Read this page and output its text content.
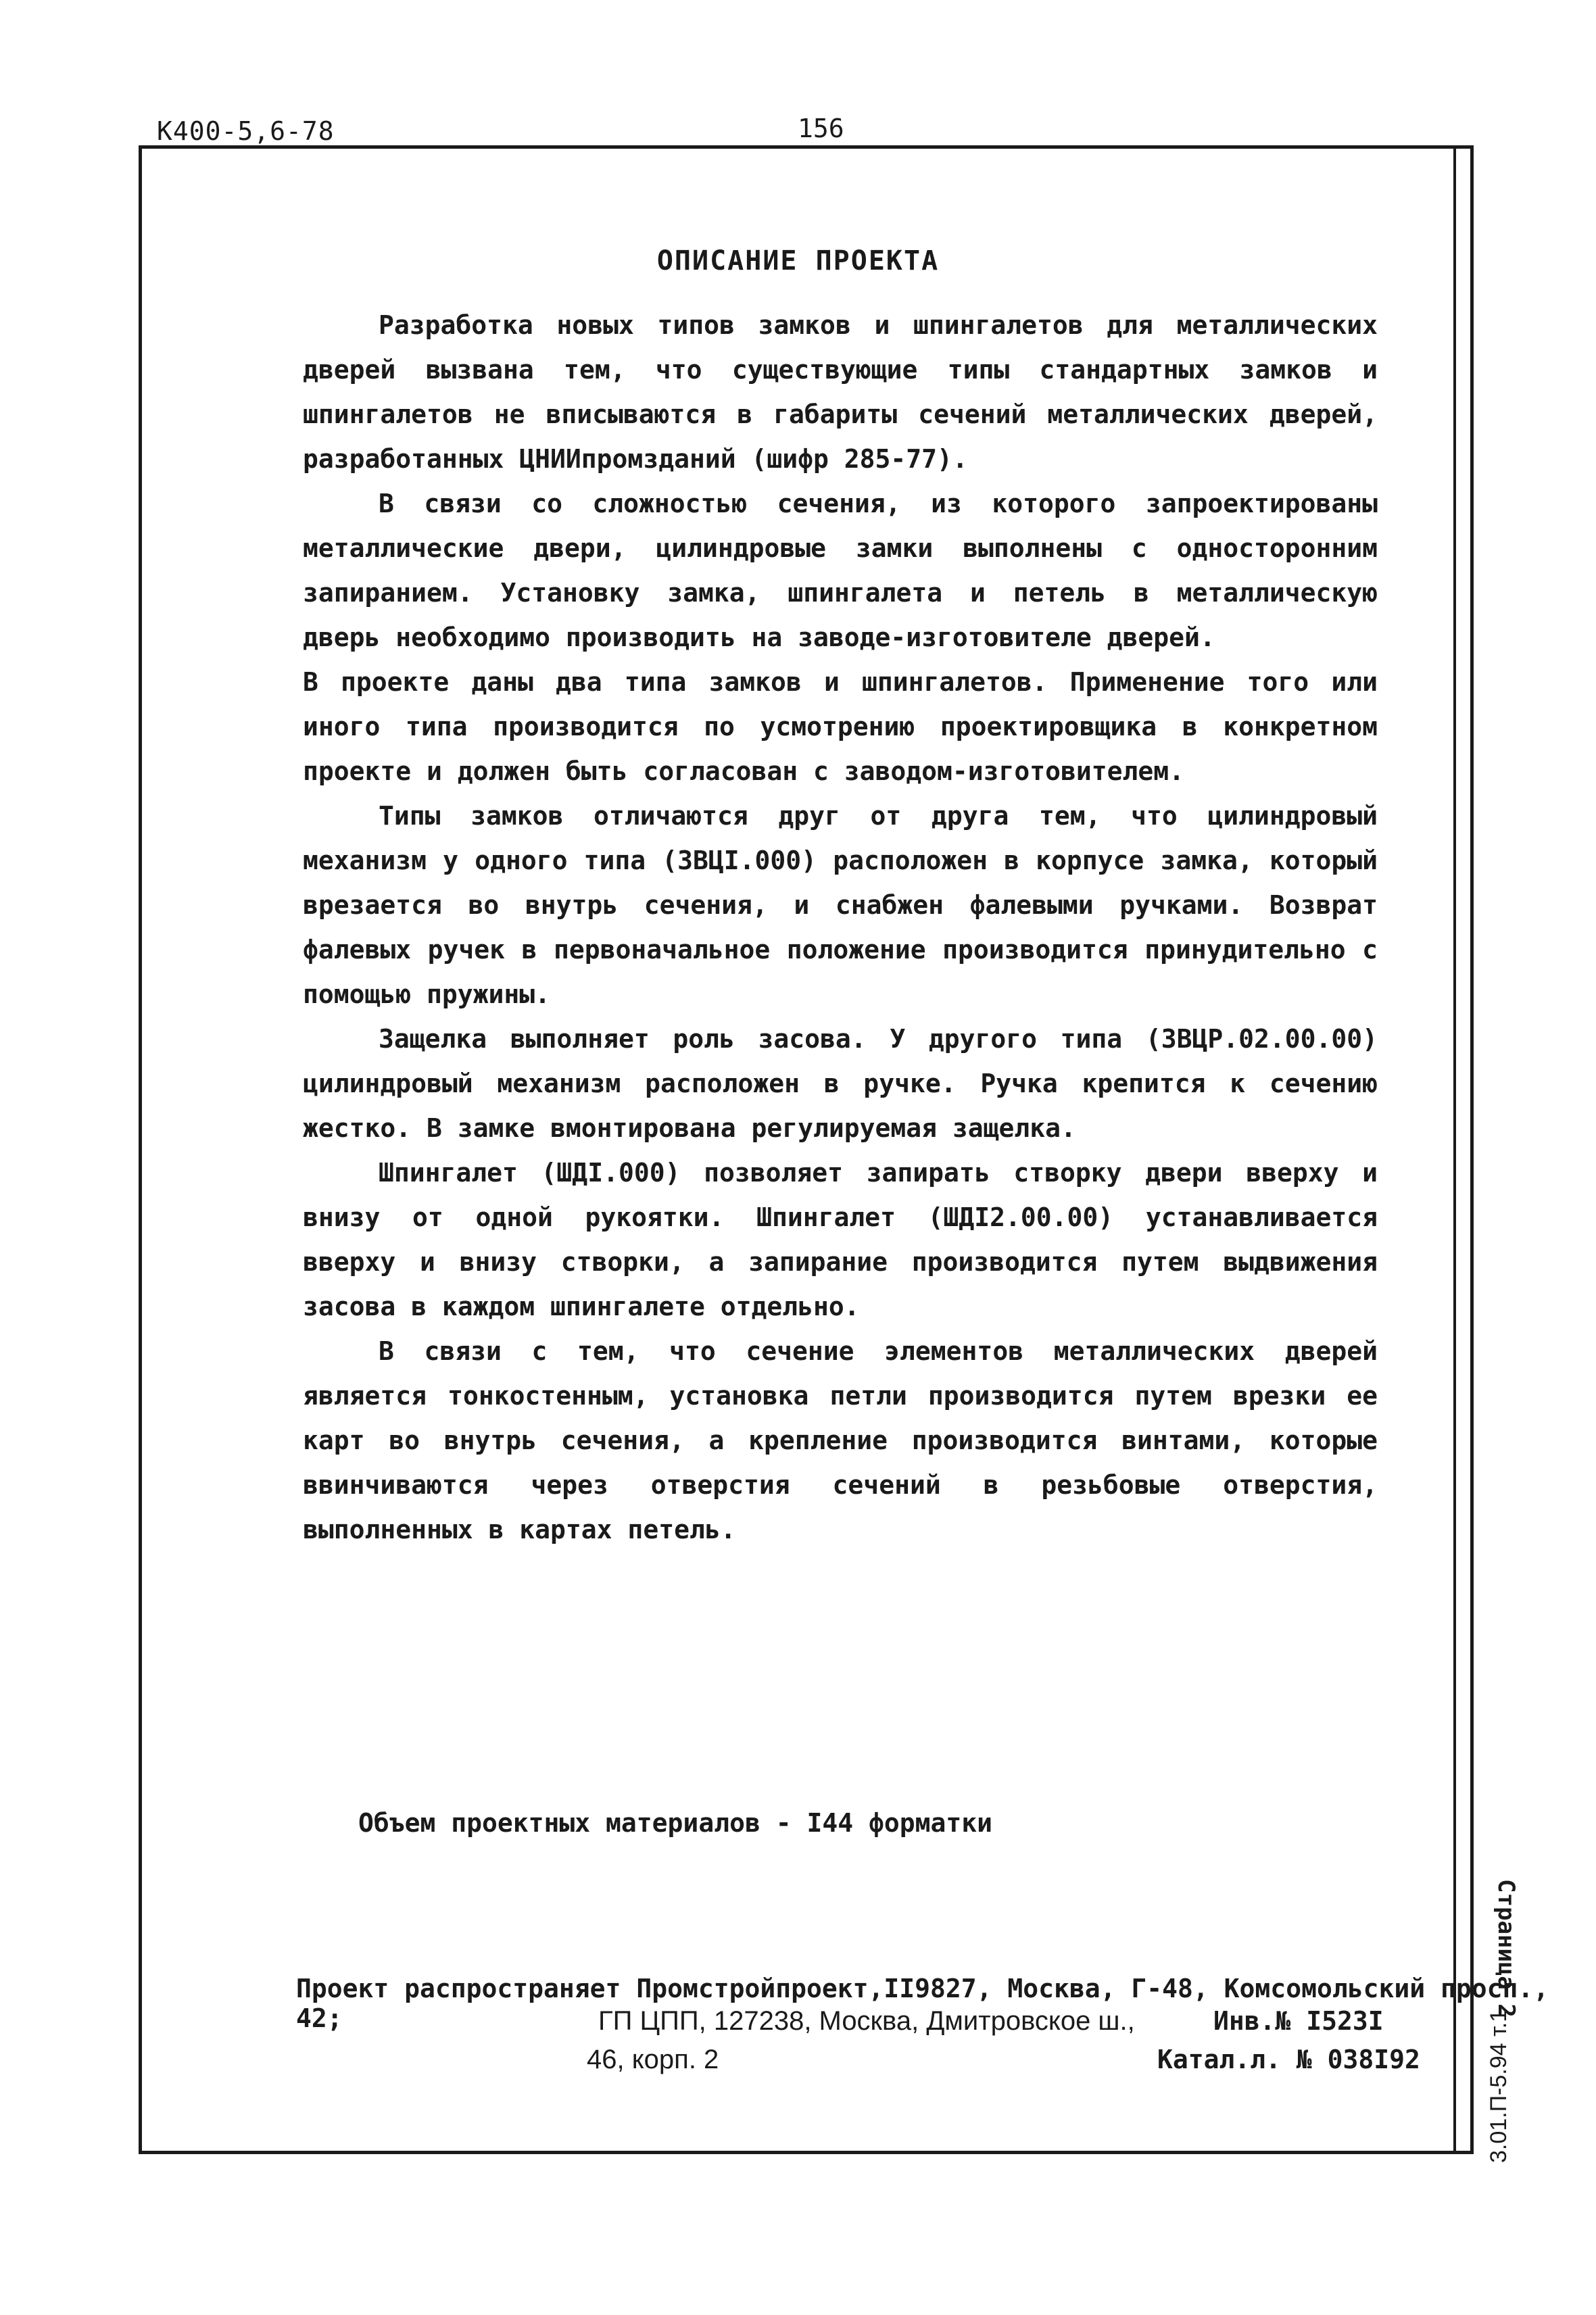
К400-5,6-78	156
ОПИСАНИЕ ПРОЕКТА

Разработка новых типов замков и шпингалетов для металлических дверей вызвана тем, что существующие типы стандартных замков и шпингалетов не вписываются в габариты сечений металлических дверей, разработанных ЦНИИпромзданий (шифр 285-77).

В связи со сложностью сечения, из которого запроектированы металлические двери, цилиндровые замки выполнены с односторонним запиранием. Установку замка, шпингалета и петель в металлическую дверь необходимо производить на заводе-изготовителе дверей.

В проекте даны два типа замков и шпингалетов. Применение того или иного типа производится по усмотрению проектировщика в конкретном проекте и должен быть согласован с заводом-изготовителем.

Типы замков отличаются друг от друга тем, что цилиндровый механизм у одного типа (ЗВЦI.000) расположен в корпусе замка, который врезается во внутрь сечения, и снабжен фалевыми ручками. Возврат фалевых ручек в первоначальное положение производится принудительно с помощью пружины.

Защелка выполняет роль засова. У другого типа (ЗВЦР.02.00.00) цилиндровый механизм расположен в ручке. Ручка крепится к сечению жестко. В замке вмонтирована регулируемая защелка.

Шпингалет (ШДI.000) позволяет запирать створку двери вверху и внизу от одной рукоятки. Шпингалет (ШДI2.00.00) устанавливается вверху и внизу створки, а запирание производится путем выдвижения засова в каждом шпингалете отдельно.

В связи с тем, что сечение элементов металлических дверей является тонкостенным, установка петли производится путем врезки ее карт во внутрь сечения, а крепление производится винтами, которые ввинчиваются через отверстия сечений в резьбовые отверстия, выполненных в картах петель.

Объем проектных материалов - I44 форматки
Проект распространяет Промстройпроект,II9827, Москва, Г-48, Комсомольский просп., 42;	ГП ЦПП, 127238, Москва, Дмитровское ш.,
46, корп. 2
Инв.№ I523I
Катал.л. № 038I92	3.01.П-5.94 т.1
Страница 2
